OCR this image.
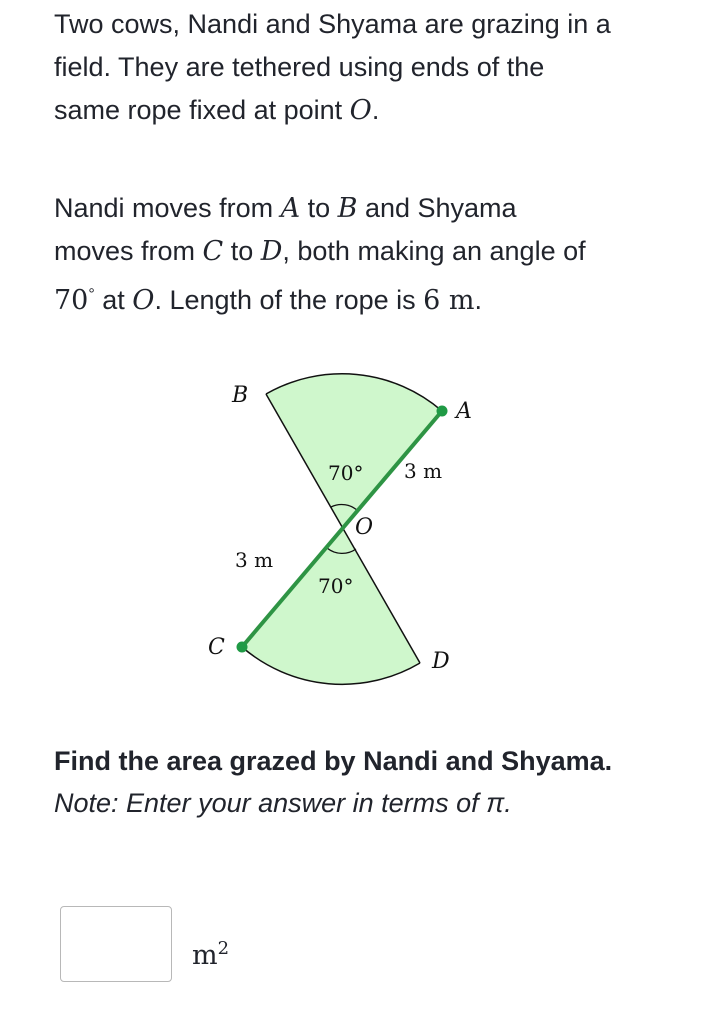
Two cows, Nandi and Shyama are grazing in a
field. They are tethered using ends of the
same rope fixed at point O.

Nandi moves from A to B and Shyama
moves from C to D, both making an angle of
70° at O. Length of the rope is 6 m.

B
A
O
C
D
70°
70°
3 m
3 m

Find the area grazed by Nandi and Shyama.

Note: Enter your answer in terms of π.

$m^2$
